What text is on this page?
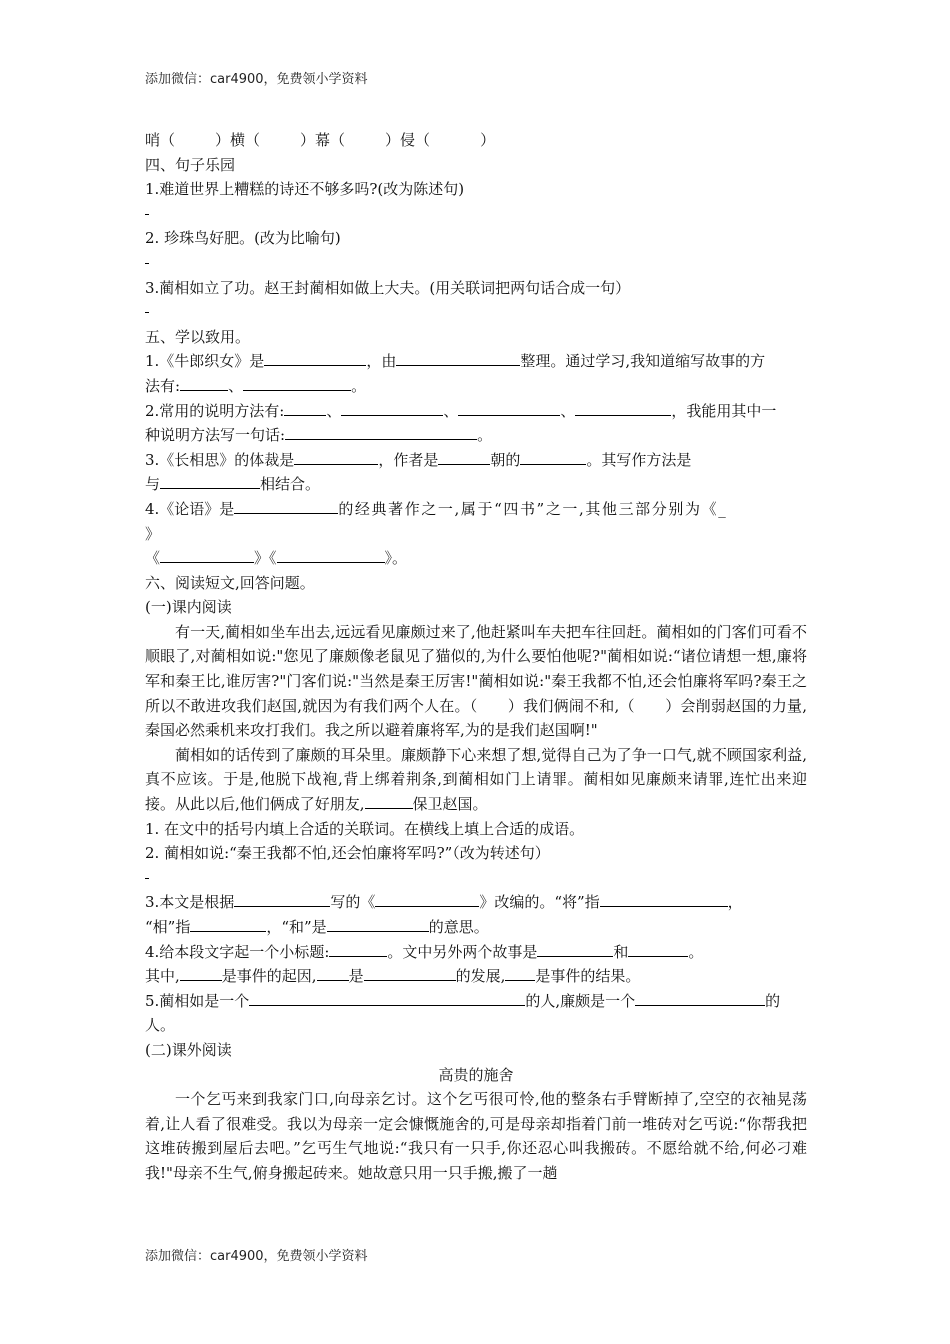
添加微信：car4900，免费领小学资料
哨（	）横（	）幕（	）侵（	）
四、句子乐园
1.难道世界上糟糕的诗还不够多吗?(改为陈述句)
2. 珍珠鸟好肥。(改为比喻句)
3.蔺相如立了功。赵王封蔺相如做上大夫。(用关联词把两句话合成一句）
五、学以致用。
1.《牛郎织女》是	，由	整理。通过学习,我知道缩写故事的方
法有:	、	。
2.常用的说明方法有:	、	、	、	，我能用其中一
种说明方法写一句话:	。
3.《长相思》的体裁是	，作者是	朝的	。其写作方法是
与	相结合。
4.《论语》是	的经典著作之一,属于“四书”之一,其他三部分别为《_
》
《	》《	》。
六、阅读短文,回答问题。
(一)课内阅读
有一天,蔺相如坐车出去,远远看见廉颇过来了,他赶紧叫车夫把车往回赶。蔺相如的门客们可看不顺眼了,对蔺相如说:"您见了廉颇像老鼠见了猫似的,为什么要怕他呢?"蔺相如说:“诸位请想一想,廉将军和秦王比,谁厉害?"门客们说:"当然是秦王厉害!"蔺相如说:"秦王我都不怕,还会怕廉将军吗?秦王之所以不敢进攻我们赵国,就因为有我们两个人在。（　　）我们俩闹不和,（　　）会削弱赵国的力量,秦国必然乘机来攻打我们。我之所以避着廉将军,为的是我们赵国啊!"
蔺相如的话传到了廉颇的耳朵里。廉颇静下心来想了想,觉得自己为了争一口气,就不顾国家利益,真不应该。于是,他脱下战袍,背上绑着荆条,到蔺相如门上请罪。蔺相如见廉颇来请罪,连忙出来迎接。从此以后,他们俩成了好朋友,	保卫赵国。
1. 在文中的括号内填上合适的关联词。在横线上填上合适的成语。
2. 蔺相如说:“秦王我都不怕,还会怕廉将军吗?”（改为转述句）
3.本文是根据	写的《	》改编的。“将”指	，
“相”指	，“和”是	的意思。
4.给本段文字起一个小标题:	。文中另外两个故事是	和	。
其中,	是事件的起因, 是	的发展, 是事件的结果。
5.蔺相如是一个	的人,廉颇是一个	的
人。
(二)课外阅读
高贵的施舍
一个乞丐来到我家门口,向母亲乞讨。这个乞丐很可怜,他的整条右手臂断掉了,空空的衣袖晃荡着,让人看了很难受。我以为母亲一定会慷慨施舍的,可是母亲却指着门前一堆砖对乞丐说:“你帮我把这堆砖搬到屋后去吧。”乞丐生气地说:“我只有一只手,你还忍心叫我搬砖。不愿给就不给,何必刁难我!"母亲不生气,俯身搬起砖来。她故意只用一只手搬,搬了一趟
添加微信：car4900，免费领小学资料
